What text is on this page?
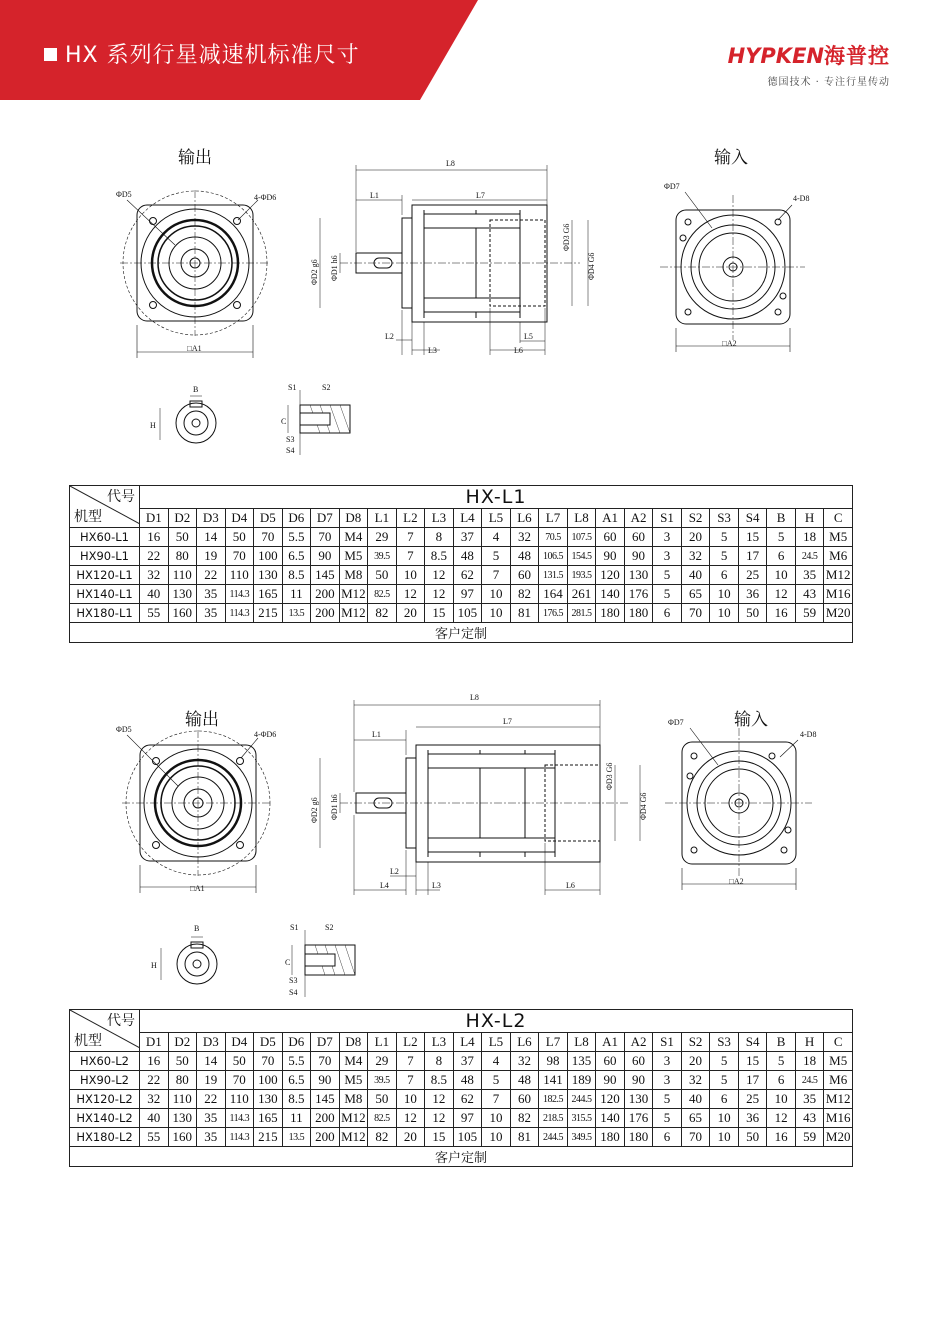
HX 系列行星减速机标准尺寸	HYPKEN海普控
德国技术 · 专注行星传动
输出	输入
输出	输入
ΦD5	4-ΦD6
□A1
L8
L1	L7
L2
L3
L5
L6
ΦD2 g6 ΦD1 h6
ΦD3 G6
ΦD4 G6
ΦD7
4-D8
□A2
B
H
S1	S2
C
S3
S4
ΦD5
4-ΦD6
□A1
L8
L1
L7
L2
L4	L3	L6
ΦD2 g6 ΦD1 h6
ΦD3 G6
ΦD4 G6
ΦD7
4-D8
□A2
B
H
S1	S2
C
S3
S4
代号
机型	HX-L1																								
	D1	D2	D3	D4	D5	D6	D7	D8	L1	L2	L3	L4	L5	L6	L7	L8	A1	A2	S1	S2	S3	S4	B	H	C
HX60-L1	16	50	14	50	70	5.5	70	M4	29	7	8	37	4	32	70.5	107.5	60	60	3	20	5	15	5	18	M5
HX90-L1	22	80	19	70	100	6.5	90	M5	39.5	7	8.5	48	5	48	106.5	154.5	90	90	3	32	5	17	6	24.5	M6
HX120-L1	32	110	22	110	130	8.5	145	M8	50	10	12	62	7	60	131.5	193.5	120	130	5	40	6	25	10	35	M12
HX140-L1	40	130	35	114.3	165	11	200	M12	82.5	12	12	97	10	82	164	261	140	176	5	65	10	36	12	43	M16
HX180-L1	55	160	35	114.3	215	13.5	200	M12	82	20	15	105	10	81	176.5	281.5	180	180	6	70	10	50	16	59	M20
客户定制																									
代号
机型	HX-L2																								
	D1	D2	D3	D4	D5	D6	D7	D8	L1	L2	L3	L4	L5	L6	L7	L8	A1	A2	S1	S2	S3	S4	B	H	C
HX60-L2	16	50	14	50	70	5.5	70	M4	29	7	8	37	4	32	98	135	60	60	3	20	5	15	5	18	M5
HX90-L2	22	80	19	70	100	6.5	90	M5	39.5	7	8.5	48	5	48	141	189	90	90	3	32	5	17	6	24.5	M6
HX120-L2	32	110	22	110	130	8.5	145	M8	50	10	12	62	7	60	182.5	244.5	120	130	5	40	6	25	10	35	M12
HX140-L2	40	130	35	114.3	165	11	200	M12	82.5	12	12	97	10	82	218.5	315.5	140	176	5	65	10	36	12	43	M16
HX180-L2	55	160	35	114.3	215	13.5	200	M12	82	20	15	105	10	81	244.5	349.5	180	180	6	70	10	50	16	59	M20
客户定制																									
